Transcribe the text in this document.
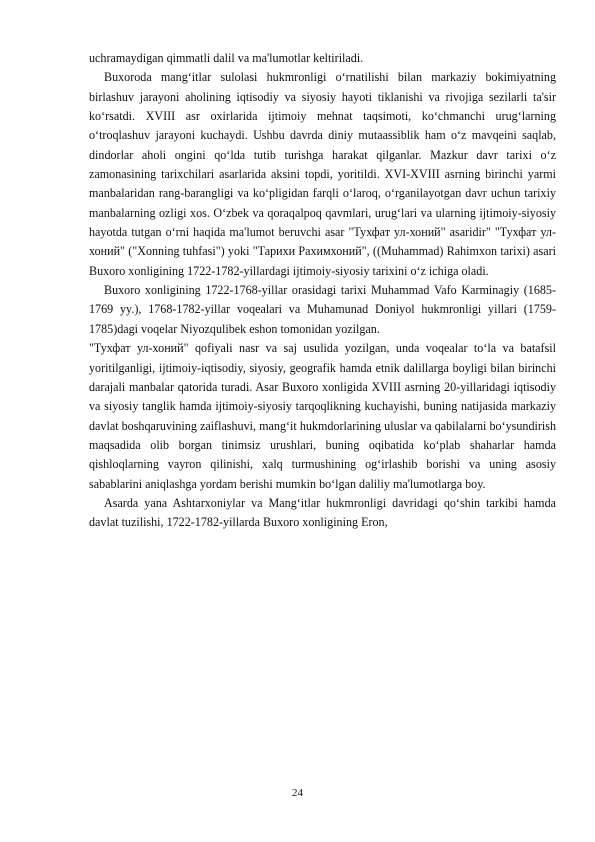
uchramaydigan qimmatli dalil va ma'lumotlar keltiriladi.

Buxoroda mang‘itlar sulolasi hukmronligi o‘rnatilishi bilan markaziy bokimiyatning birlashuv jarayoni aholining iqtisodiy va siyosiy hayoti tiklanishi va rivojiga sezilarli ta'sir ko‘rsatdi. XVIII asr oxirlarida ijtimoiy mehnat taqsimoti, ko‘chmanchi urug‘larning o‘troqlashuv jarayoni kuchaydi. Ushbu davrda diniy mutaassiblik ham o‘z mavqeini saqlab, dindorlar aholi ongini qo‘lda tutib turishga harakat qilganlar. Mazkur davr tarixi o‘z zamonasining tarixchilari asarlarida aksini topdi, yoritildi. XVI-XVIII asrning birinchi yarmi manbalaridan rang-barangligi va ko‘pligidan farqli o‘laroq, o‘rganilayotgan davr uchun tarixiy manbalarning ozligi xos. O‘zbek va qoraqalpoq qavmlari, urug‘lari va ularning ijtimoiy-siyosiy hayotda tutgan o‘rni haqida ma'lumot beruvchi asar "Тухфат ул-хоний" asaridir" "Тухфат ул-хоний" ("Xonning tuhfasi") yoki "Тарихи Рахимхоний", ((Muhammad) Rahimxon tarixi) asari Buxoro xonligining 1722-1782-yillardagi ijtimoiy-siyosiy tarixini o‘z ichiga oladi.

Buxoro xonligining 1722-1768-yillar orasidagi tarixi Muhammad Vafo Karminagiy (1685-1769 yy.), 1768-1782-yillar voqealari va Muhamunad Doniyol hukmronligi yillari (1759-1785)dagi voqelar Niyozqulibek eshon tomonidan yozilgan.

"Тухфат ул-хоний" qofiyali nasr va saj usulida yozilgan, unda voqealar to‘la va batafsil yoritilganligi, ijtimoiy-iqtisodiy, siyosiy, geografik hamda etnik dalillarga boyligi bilan birinchi darajali manbalar qatorida turadi. Asar Buxoro xonligida XVIII asrning 20-yillaridagi iqtisodiy va siyosiy tanglik hamda ijtimoiy-siyosiy tarqoqlikning kuchayishi, buning natijasida markaziy davlat boshqaruvining zaiflashuvi, mang‘it hukmdorlarining uluslar va qabilalarni bo‘ysundirish maqsadida olib borgan tinimsiz urushlari, buning oqibatida ko‘plab shaharlar hamda qishloqlarning vayron qilinishi, xalq turmushining og‘irlashib borishi va uning asosiy sabablarini aniqlashga yordam berishi mumkin bo‘lgan daliliy ma'lumotlarga boy.

Asarda yana Ashtarxoniylar va Mang‘itlar hukmronligi davridagi qo‘shin tarkibi hamda davlat tuzilishi, 1722-1782-yillarda Buxoro xonligining Eron,

24
